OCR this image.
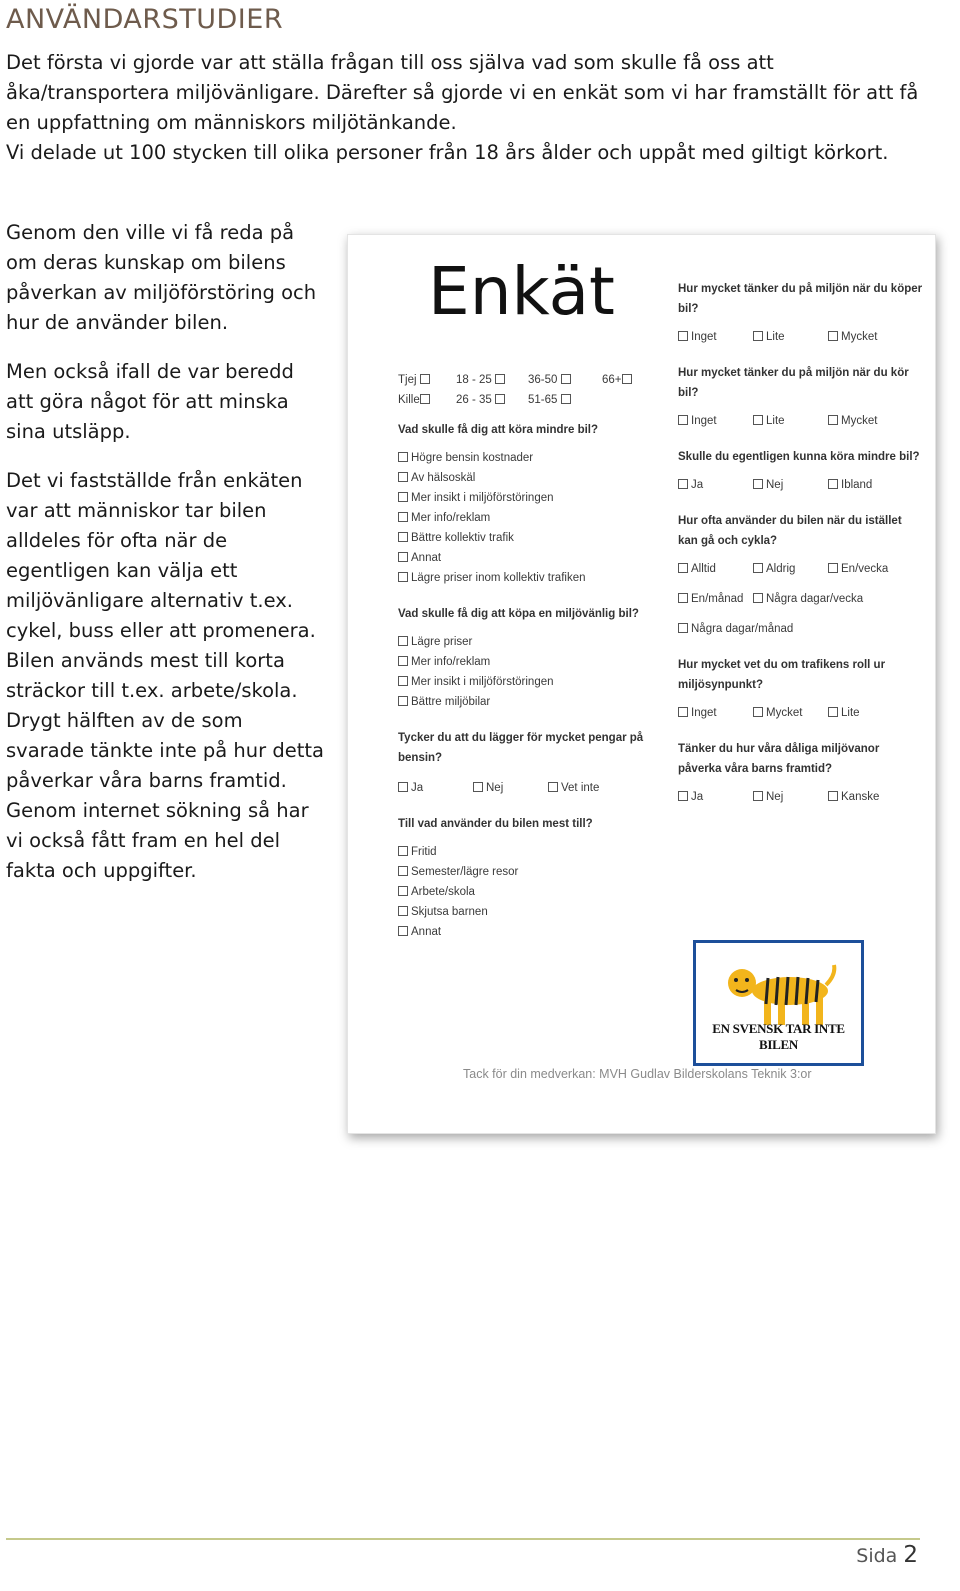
ANVÄNDARSTUDIER
Det första vi gjorde var att ställa frågan till oss själva vad som skulle få oss att åka/transportera miljövänligare. Därefter så gjorde vi en enkät som vi har framställt för att få en uppfattning om människors miljötänkande.
Vi delade ut 100 stycken till olika personer från 18 års ålder och uppåt med giltigt körkort.

Genom den ville vi få reda på om deras kunskap om bilens påverkan av miljöförstöring och hur de använder bilen.

Men också ifall de var beredd att göra något för att minska sina utsläpp.

Det vi fastställde från enkäten var att människor tar bilen alldeles för ofta när de egentligen kan välja ett miljövänligare alternativ t.ex. cykel, buss eller att promenera. Bilen används mest till korta sträckor till t.ex. arbete/skola.

Drygt hälften av de som svarade tänkte inte på hur detta påverkar våra barns framtid.

Genom internet sökning så har vi också fått fram en hel del fakta och uppgifter.

Enkät
Tjej	18 - 25	36-50	66+
Kille	26 - 35	51-65
Vad skulle få dig att köra mindre bil?
Högre bensin kostnader
Av hälsoskäl
Mer insikt i miljöförstöringen
Mer info/reklam
Bättre kollektiv trafik
Annat
Lägre priser inom kollektiv trafiken
Vad skulle få dig att köpa en miljövänlig bil?
Lägre priser
Mer info/reklam
Mer insikt i miljöförstöringen
Bättre miljöbilar
Tycker du att du lägger för mycket pengar på bensin?
Ja	Nej	Vet inte
Till vad använder du bilen mest till?
Fritid
Semester/lägre resor
Arbete/skola
Skjutsa barnen
Annat
Hur mycket tänker du på miljön när du köper bil?
Inget	Lite	Mycket
Hur mycket tänker du på miljön när du kör bil?
Inget	Lite	Mycket
Skulle du egentligen kunna köra mindre bil?
Ja	Nej	Ibland
Hur ofta använder du bilen när du istället kan gå och cykla?
Alltid	Aldrig	En/vecka
En/månad	Några dagar/vecka
Några dagar/månad
Hur mycket vet du om trafikens roll ur miljösynpunkt?
Inget	Mycket	Lite
Tänker du hur våra dåliga miljövanor påverka våra barns framtid?
Ja	Nej	Kanske
EN SVENSK TAR INTE BILEN
Tack för din medverkan: MVH Gudlav Bilderskolans Teknik 3:or
Sida 2
